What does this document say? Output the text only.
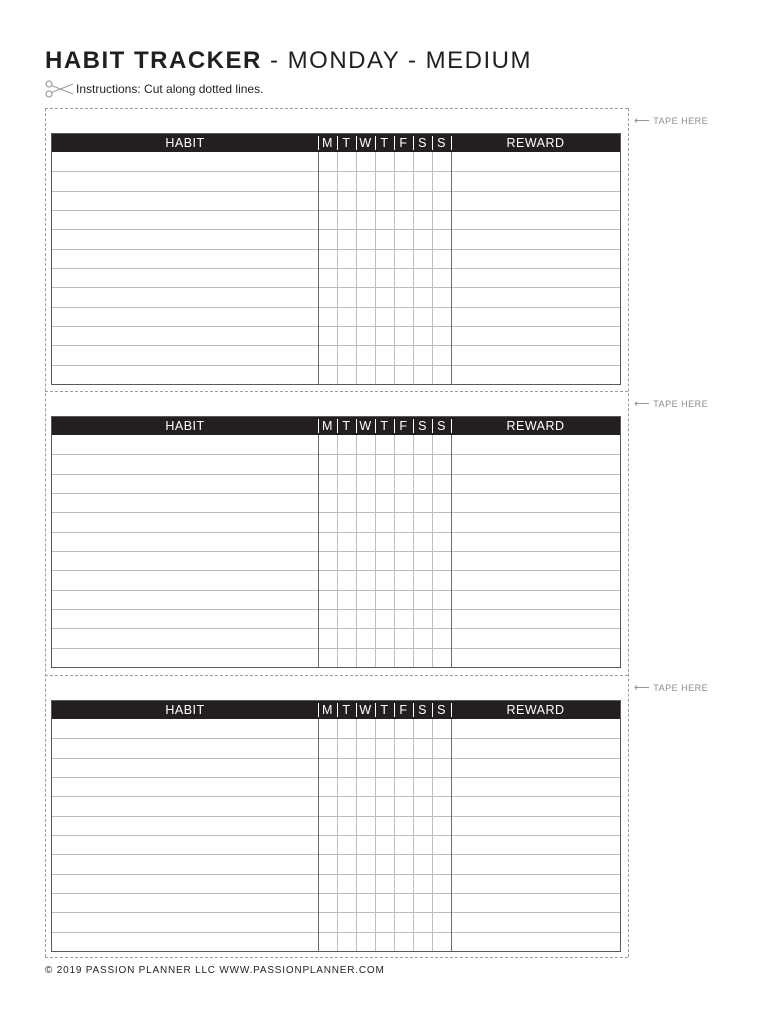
HABIT TRACKER - MONDAY - MEDIUM
Instructions: Cut along dotted lines.
⟵ TAPE HERE
⟵ TAPE HERE
⟵ TAPE HERE
HABIT	M T W T F S S	REWARD
HABIT	M T W T F S S	REWARD
HABIT	M T W T F S S	REWARD
© 2019 PASSION PLANNER LLC WWW.PASSIONPLANNER.COM
